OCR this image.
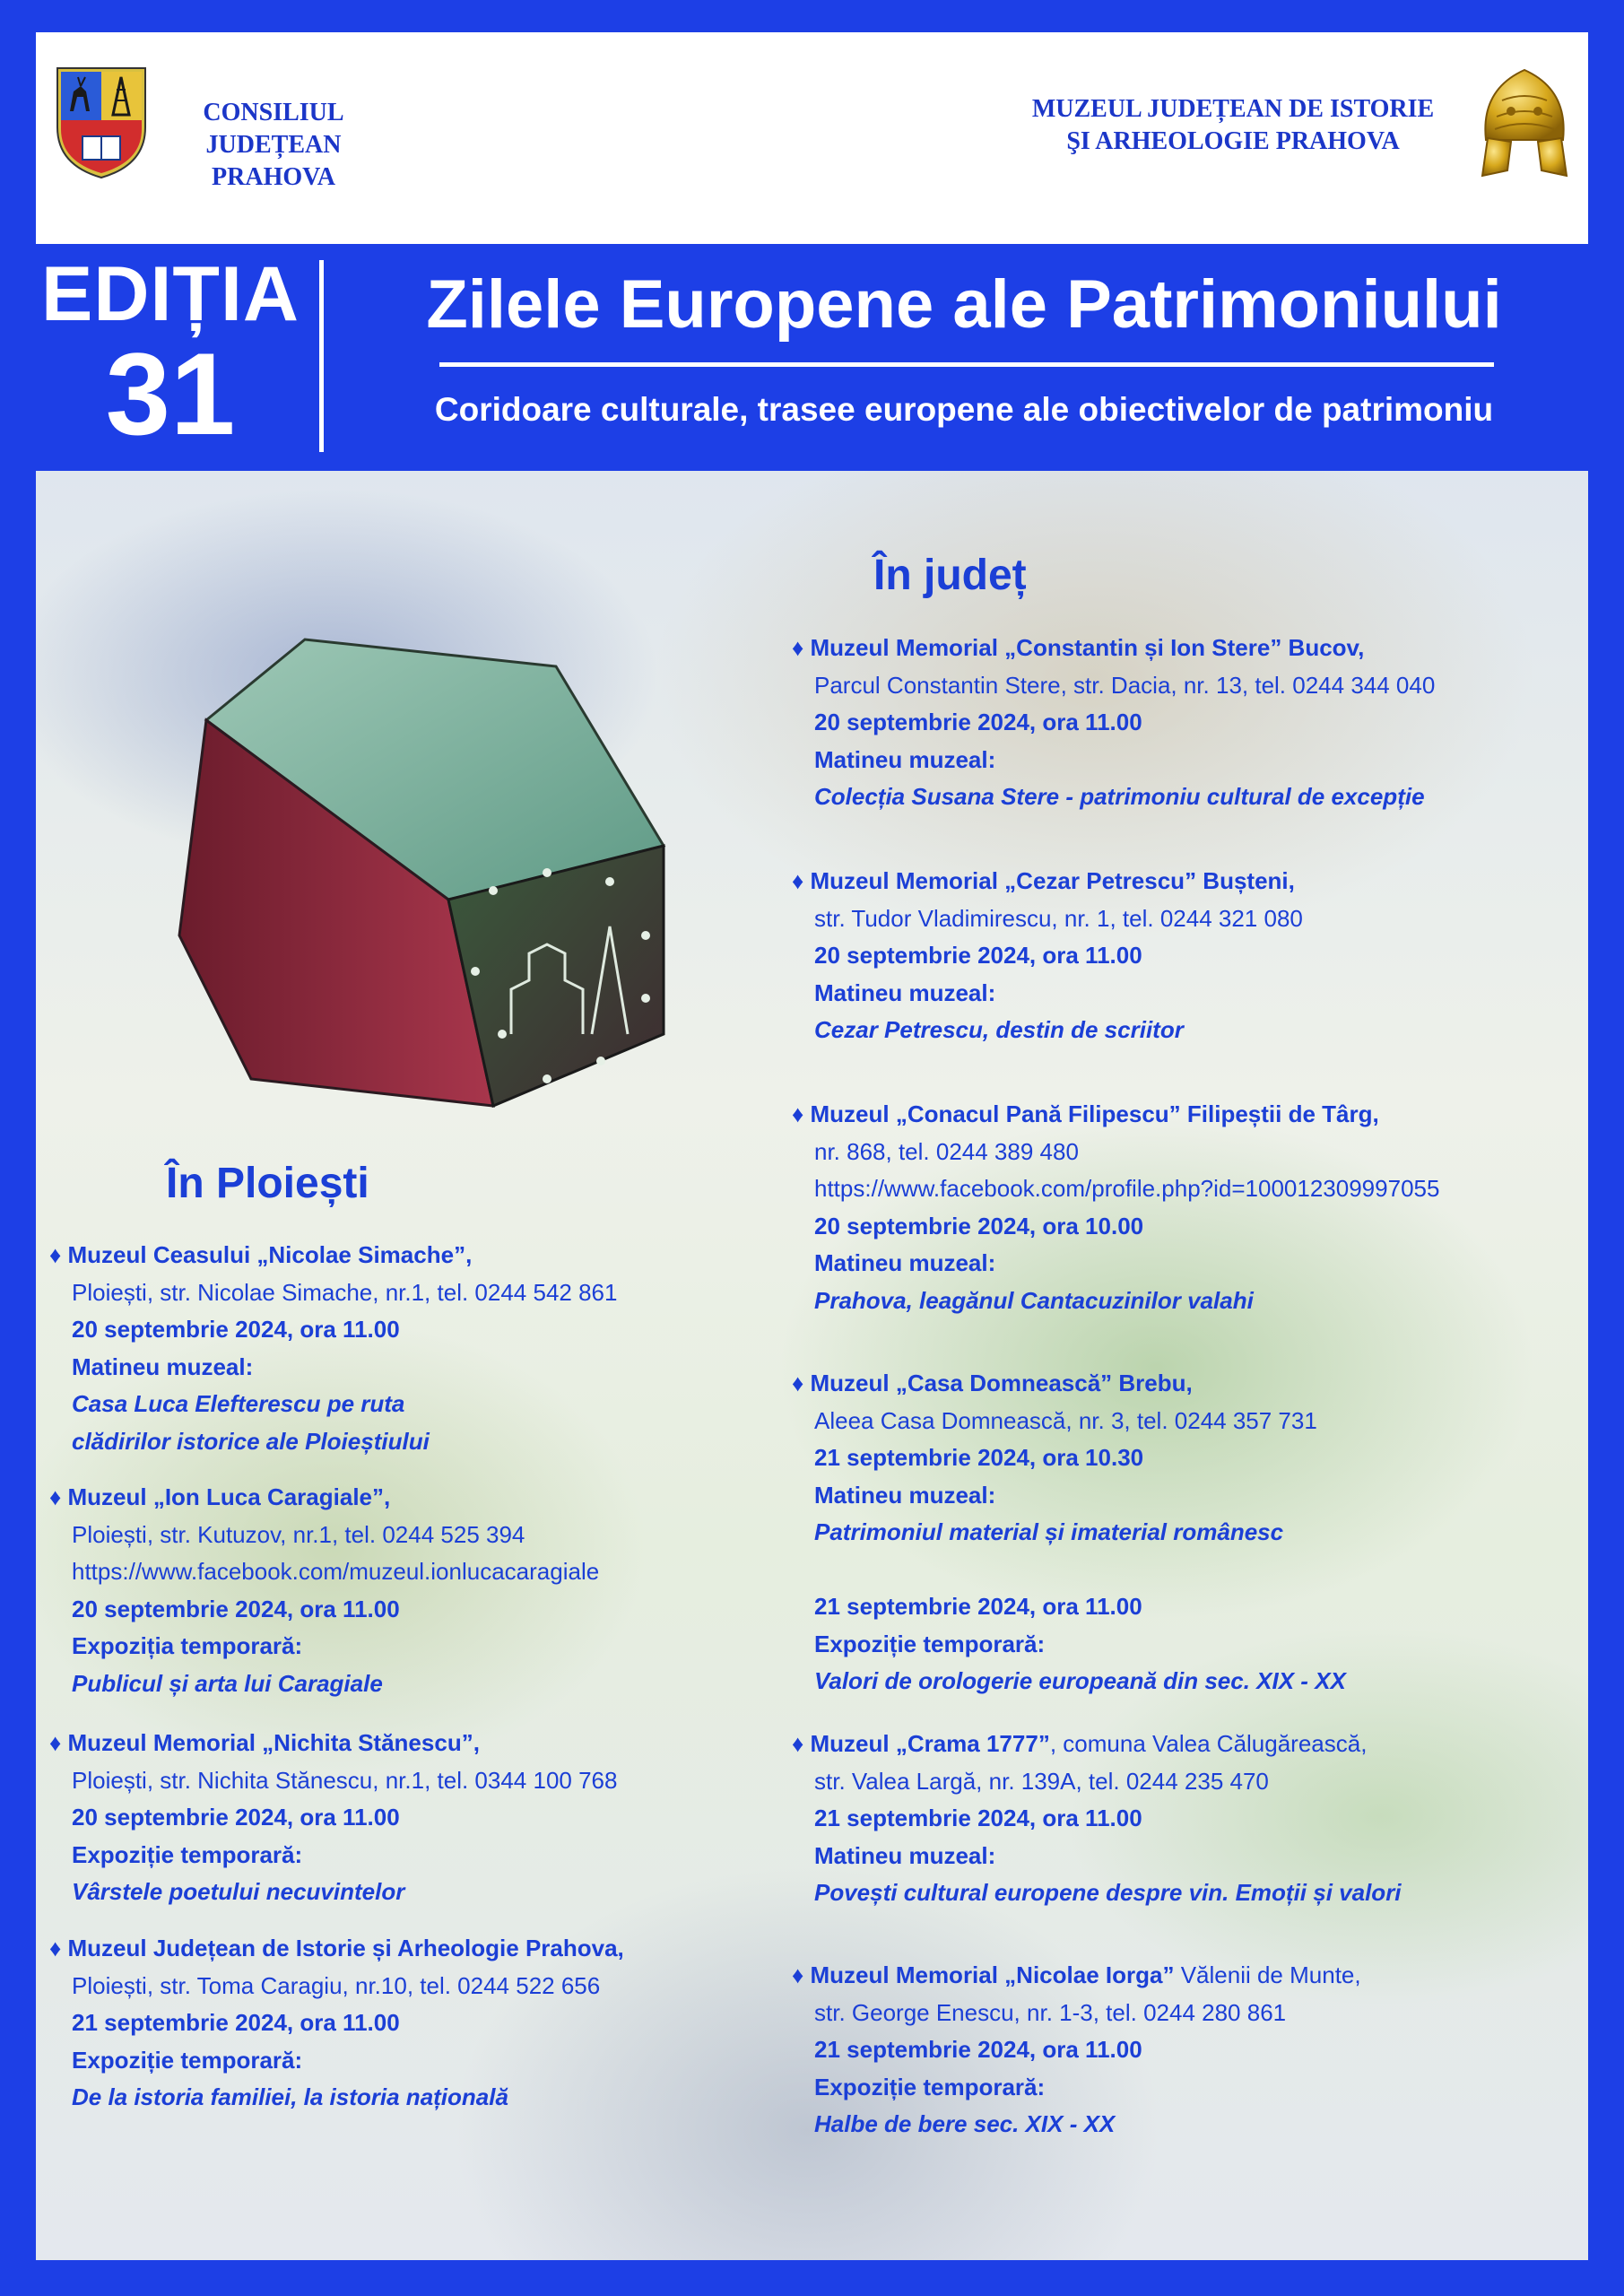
CONSILIUL JUDEȚEAN
PRAHOVA
MUZEUL JUDEȚEAN DE ISTORIE
ŞI ARHEOLOGIE PRAHOVA
EDIȚIA
31
Zilele Europene ale Patrimoniului
Coridoare culturale, trasee europene ale obiectivelor de patrimoniu
În Ploiești
♦ Muzeul Ceasului „Nicolae Simache”,
Ploiești, str. Nicolae Simache, nr.1, tel. 0244 542 861
20 septembrie 2024, ora 11.00
Matineu muzeal:
Casa Luca Elefterescu pe ruta
clădirilor istorice ale Ploieștiului
♦ Muzeul „Ion Luca Caragiale”,
Ploiești, str. Kutuzov, nr.1, tel. 0244 525 394
https://www.facebook.com/muzeul.ionlucacaragiale
20 septembrie 2024, ora 11.00
Expoziția temporară:
Publicul și arta lui Caragiale
♦ Muzeul Memorial „Nichita Stănescu”,
Ploiești, str. Nichita Stănescu, nr.1, tel. 0344 100 768
20 septembrie 2024, ora 11.00
Expoziție temporară:
Vârstele poetului necuvintelor
♦ Muzeul Județean de Istorie și Arheologie Prahova,
Ploiești, str. Toma Caragiu, nr.10, tel. 0244 522 656
21 septembrie 2024, ora 11.00
Expoziție temporară:
De la istoria familiei, la istoria națională
În județ
♦ Muzeul Memorial „Constantin și Ion Stere” Bucov,
Parcul Constantin Stere, str. Dacia, nr. 13, tel. 0244 344 040
20 septembrie 2024, ora 11.00
Matineu muzeal:
Colecția Susana Stere - patrimoniu cultural de excepție
♦ Muzeul Memorial „Cezar Petrescu” Bușteni,
str. Tudor Vladimirescu, nr. 1, tel. 0244 321 080
20 septembrie 2024, ora 11.00
Matineu muzeal:
Cezar Petrescu, destin de scriitor
♦ Muzeul „Conacul Pană Filipescu” Filipeștii de Târg,
nr. 868, tel. 0244 389 480
https://www.facebook.com/profile.php?id=100012309997055
20 septembrie 2024, ora 10.00
Matineu muzeal:
Prahova, leagănul Cantacuzinilor valahi
♦ Muzeul „Casa Domnească” Brebu,
Aleea Casa Domnească, nr. 3, tel. 0244 357 731
21 septembrie 2024, ora 10.30
Matineu muzeal:
Patrimoniul material și imaterial românesc
21 septembrie 2024, ora 11.00
Expoziție temporară:
Valori de orologerie europeană din sec. XIX - XX
♦ Muzeul „Crama 1777”, comuna Valea Călugărească,
str. Valea Largă, nr. 139A, tel. 0244 235 470
21 septembrie 2024, ora 11.00
Matineu muzeal:
Povești cultural europene despre vin. Emoții și valori
♦ Muzeul Memorial „Nicolae Iorga” Vălenii de Munte,
str. George Enescu, nr. 1-3, tel. 0244 280 861
21 septembrie 2024, ora 11.00
Expoziție temporară:
Halbe de bere sec. XIX - XX
